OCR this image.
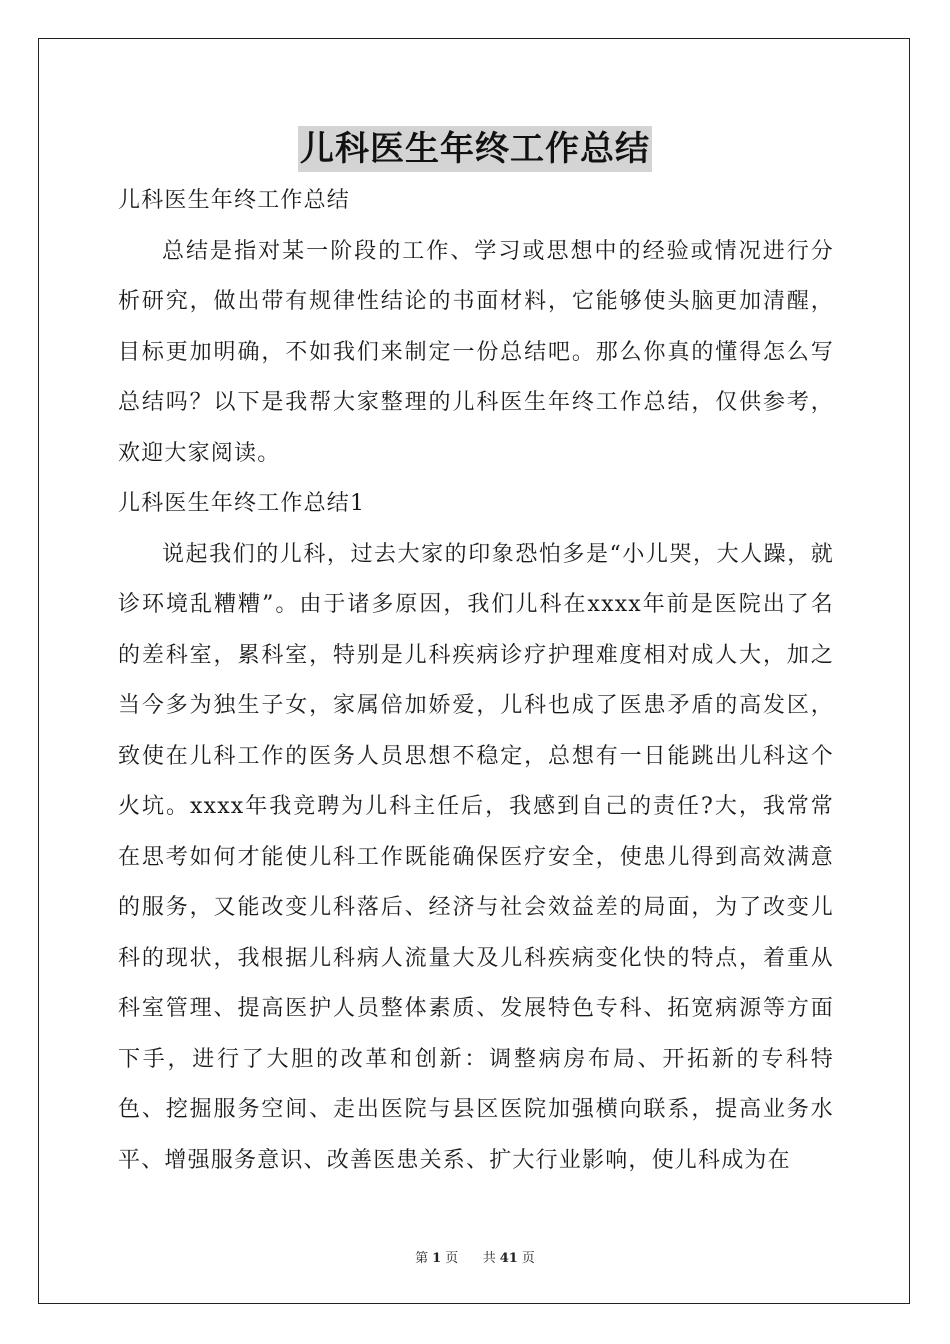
儿科医生年终工作总结

儿科医生年终工作总结

总结是指对某一阶段的工作、学习或思想中的经验或情况进行分析研究，做出带有规律性结论的书面材料，它能够使头脑更加清醒，目标更加明确，不如我们来制定一份总结吧。那么你真的懂得怎么写总结吗？以下是我帮大家整理的儿科医生年终工作总结，仅供参考，欢迎大家阅读。

儿科医生年终工作总结1

说起我们的儿科，过去大家的印象恐怕多是“小儿哭，大人躁，就诊环境乱糟糟”。由于诸多原因，我们儿科在xxxx年前是医院出了名的差科室，累科室，特别是儿科疾病诊疗护理难度相对成人大，加之当今多为独生子女，家属倍加娇爱，儿科也成了医患矛盾的高发区，致使在儿科工作的医务人员思想不稳定，总想有一日能跳出儿科这个火坑。xxxx年我竞聘为儿科主任后，我感到自己的责任?大，我常常在思考如何才能使儿科工作既能确保医疗安全，使患儿得到高效满意的服务，又能改变儿科落后、经济与社会效益差的局面，为了改变儿科的现状，我根据儿科病人流量大及儿科疾病变化快的特点，着重从科室管理、提高医护人员整体素质、发展特色专科、拓宽病源等方面下手，进行了大胆的改革和创新：调整病房布局、开拓新的专科特色、挖掘服务空间、走出医院与县区医院加强横向联系，提高业务水平、增强服务意识、改善医患关系、扩大行业影响，使儿科成为在

第 1 页 共 41 页
